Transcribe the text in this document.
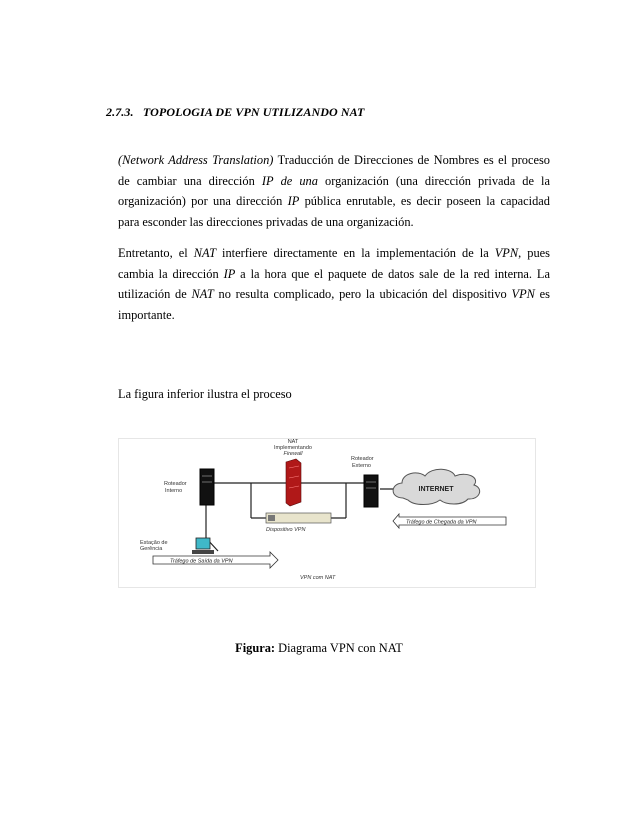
2.7.3. TOPOLOGIA DE VPN UTILIZANDO NAT
(Network Address Translation) Traducción de Direcciones de Nombres es el proceso
de cambiar una dirección IP de una organización (una dirección privada de la
organización) por una dirección IP pública enrutable, es decir poseen la capacidad
para esconder las direcciones privadas de una organización.
Entretanto, el NAT interfiere directamente en la implementación de la VPN, pues
cambia la dirección IP a la hora que el paquete de datos sale de la red interna. La
utilización de NAT no resulta complicado, pero la ubicación del dispositivo VPN es
importante.
La figura inferior ilustra el proceso
Roteador
Interno
NAT
Implementando
Firewall
Roteador
Externo
INTERNET
Dispositivo VPN
Estação de
Gerência
Tráfego de Chegada da VPN
Tráfego de Saída da VPN
VPN com NAT
Figura: Diagrama VPN con NAT
